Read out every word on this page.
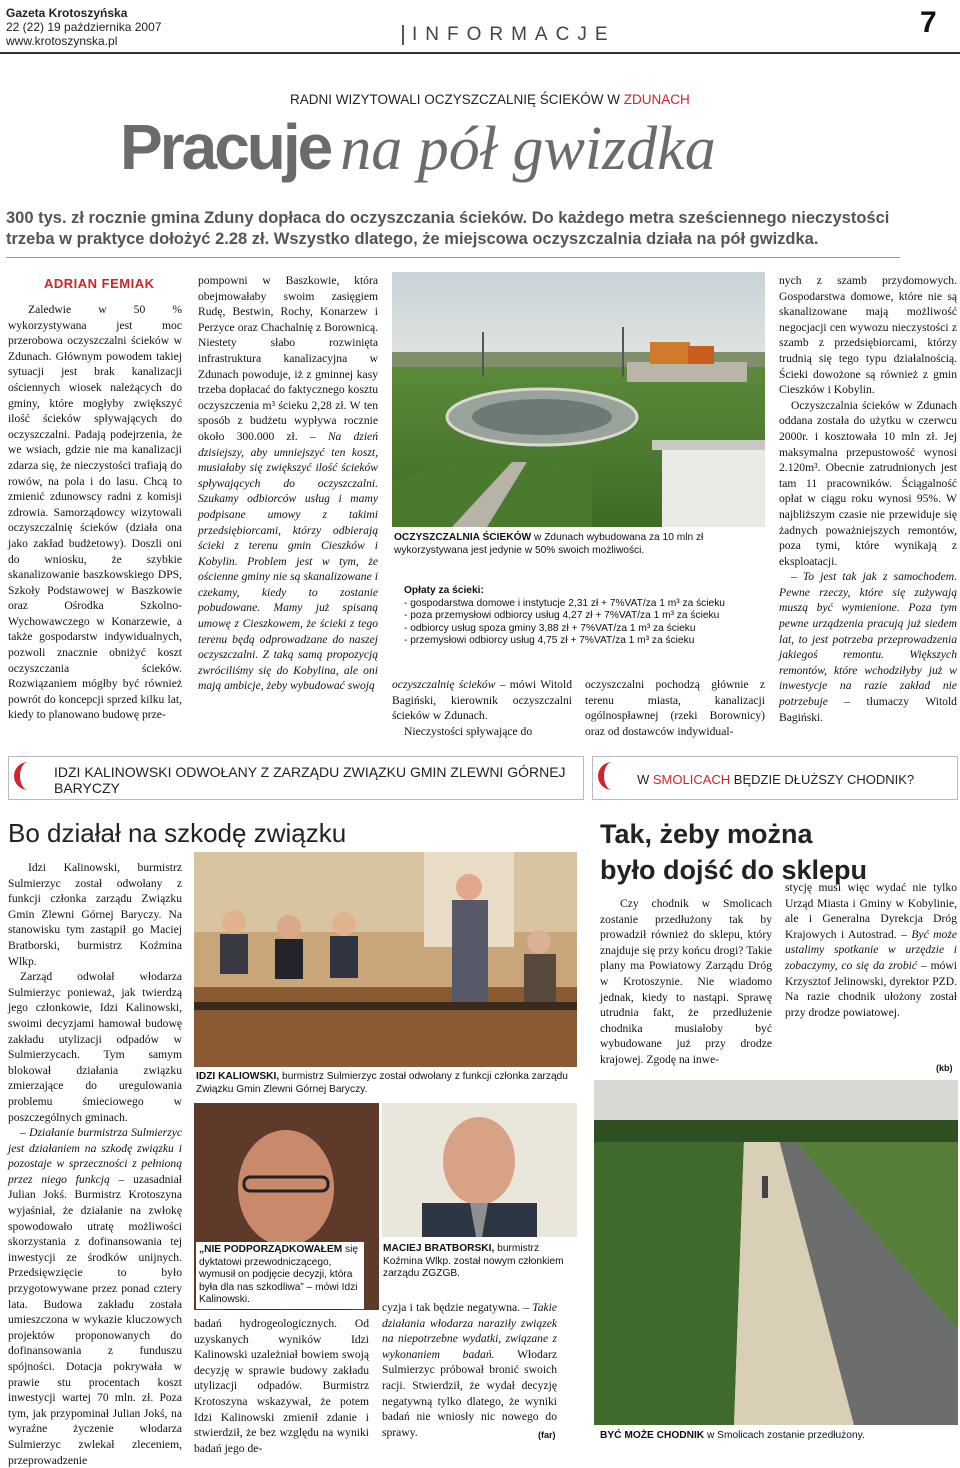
Gazeta Krotoszyńska
22 (22) 19 października 2007
www.krotoszynska.pl	INFORMACJE	7
RADNI WIZYTOWALI OCZYSZCZALNIĘ ŚCIEKÓW W ZDUNACH
Pracuje na pół gwizdka
300 tys. zł rocznie gmina Zduny dopłaca do oczyszczania ścieków. Do każdego metra sześciennego nieczystości
trzeba w praktyce dołożyć 2.28 zł. Wszystko dlatego, że miejscowa oczyszczalnia działa na pół gwizdka.
ADRIAN FEMIAK

Zaledwie w 50 % wykorzystywana jest moc przerobowa oczyszczalni ścieków w Zdunach. Głównym powodem takiej sytuacji jest brak kanalizacji ościennych wiosek należących do gminy, które mogłyby zwiększyć ilość ścieków spływających do oczyszczalni. Padają podejrzenia, że we wsiach, gdzie nie ma kanalizacji zdarza się, że nieczystości trafiają do rowów, na pola i do lasu. Chcą to zmienić zdunowscy radni z komisji zdrowia. Samorządowcy wizytowali oczyszczalnię ścieków (działa ona jako zakład budżetowy). Doszli oni do wniosku, że szybkie skanalizowanie baszkowskiego DPS, Szkoły Podstawowej w Baszkowie oraz Ośrodka Szkolno-Wychowawczego w Konarzewie, a także gospodarstw indywidualnych, pozwoli znacznie obniżyć koszt oczyszczania ścieków. Rozwiązaniem mógłby być również powrót do koncepcji sprzed kilku lat, kiedy to planowano budowę prze-

pompowni w Baszkowie, która obejmowałaby swoim zasięgiem Rudę, Bestwin, Rochy, Konarzew i Perzyce oraz Chachalnię z Borownicą. Niestety słabo rozwinięta infrastruktura kanalizacyjna w Zdunach powoduje, iż z gminnej kasy trzeba dopłacać do faktycznego kosztu oczyszczenia m³ ścieku 2,28 zł. W ten sposób z budżetu wypływa rocznie około 300.000 zł. – Na dzień dzisiejszy, aby umniejszyć ten koszt, musiałaby się zwiększyć ilość ścieków spływających do oczyszczalni. Szukamy odbiorców usług i mamy podpisane umowy z takimi przedsiębiorcami, którzy odbierają ścieki z terenu gmin Cieszków i Kobylin. Problem jest w tym, że ościenne gminy nie są skanalizowane i czekamy, kiedy to zostanie pobudowane. Mamy już spisaną umowę z Cieszkowem, że ścieki z tego terenu będą odprowadzane do naszej oczyszczalni. Z taką samą propozycją zwróciliśmy się do Kobylina, ale oni mają ambicje, żeby wybudować swoją

OCZYSZCZALNIA ŚCIEKÓW w Zdunach wybudowana za 10 mln zł wykorzystywana jest jedynie w 50% swoich możliwości.
Opłaty za ścieki:
- gospodarstwa domowe i instytucje 2,31 zł + 7%VAT/za 1 m³ za ścieku
- poza przemysłowi odbiorcy usług 4,27 zł + 7%VAT/za 1 m³ za ścieku
- odbiorcy usług spoza gminy 3,88 zł + 7%VAT/za 1 m³ za ścieku
- przemysłowi odbiorcy usług 4,75 zł + 7%VAT/za 1 m³ za ścieku

oczyszczalnię ścieków – mówi Witold Bagiński, kierownik oczyszczalni ścieków w Zdunach.

Nieczystości spływające do

oczyszczalni pochodzą głównie z terenu miasta, kanalizacji ogólnospławnej (rzeki Borownicy) oraz od dostawców indywidual-

nych z szamb przydomowych. Gospodarstwa domowe, które nie są skanalizowane mają możliwość negocjacji cen wywozu nieczystości z szamb z przedsiębiorcami, którzy trudnią się tego typu działalnością. Ścieki dowożone są również z gmin Cieszków i Kobylin.

Oczyszczalnia ścieków w Zdunach oddana została do użytku w czerwcu 2000r. i kosztowała 10 mln zł. Jej maksymalna przepustowość wynosi 2.120m³. Obecnie zatrudnionych jest tam 11 pracowników. Ściągalność opłat w ciągu roku wynosi 95%. W najbliższym czasie nie przewiduje się żadnych poważniejszych remontów, poza tymi, które wynikają z eksploatacji.

– To jest tak jak z samochodem. Pewne rzeczy, które się zużywają muszą być wymienione. Poza tym pewne urządzenia pracują już siedem lat, to jest potrzeba przeprowadzenia jakiegoś remontu. Większych remontów, które wchodziłyby już w inwestycje na razie zakład nie potrzebuje – tłumaczy Witold Bagiński.

IDZI KALINOWSKI ODWOŁANY Z ZARZĄDU ZWIĄZKU GMIN ZLEWNI GÓRNEJ BARYCZY
Bo działał na szkodę związku

Idzi Kalinowski, burmistrz Sulmierzyc został odwołany z funkcji członka zarządu Związku Gmin Zlewni Górnej Baryczy. Na stanowisku tym zastąpił go Maciej Bratborski, burmistrz Koźmina Wlkp.

Zarząd odwołał włodarza Sulmierzyc ponieważ, jak twierdzą jego członkowie, Idzi Kalinowski, swoimi decyzjami hamował budowę zakładu utylizacji odpadów w Sulmierzycach. Tym samym blokował działania związku zmierzające do uregulowania problemu śmieciowego w poszczególnych gminach.

– Działanie burmistrza Sulmierzyc jest działaniem na szkodę związku i pozostaje w sprzeczności z pełnioną przez niego funkcją – uzasadniał Julian Jokś. Burmistrz Krotoszyna wyjaśniał, że działanie na zwłokę spowodowało utratę możliwości skorzystania z dofinansowania tej inwestycji ze środków unijnych. Przedsięwzięcie to było przygotowywane przez ponad cztery lata. Budowa zakładu została umieszczona w wykazie kluczowych projektów proponowanych do dofinansowania z funduszu spójności. Dotacja pokrywała w prawie stu procentach koszt inwestycji wartej 70 mln. zł. Poza tym, jak przypominał Julian Jokś, na wyraźne życzenie włodarza Sulmierzyc zwlekał zleceniem, przeprowadzenie

IDZI KALIOWSKI, burmistrz Sulmierzyc został odwołany z funkcji członka zarządu Związku Gmin Zlewni Górnej Baryczy.
„NIE PODPORZĄDKOWAŁEM się dyktatowi przewodniczącego, wymusił on podjęcie decyzji, która była dla nas szkodliwa” – mówi Idzi Kalinowski.
MACIEJ BRATBORSKI, burmistrz Koźmina Wlkp. został nowym członkiem zarządu ZGZGB.

badań hydrogeologicznych. Od uzyskanych wyników Idzi Kalinowski uzależniał bowiem swoją decyzję w sprawie budowy zakładu utylizacji odpadów. Burmistrz Krotoszyna wskazywał, że potem Idzi Kalinowski zmienił zdanie i stwierdził, że bez względu na wyniki badań jego de-

cyzja i tak będzie negatywna. – Takie działania włodarza naraziły związek na niepotrzebne wydatki, związane z wykonaniem badań. Włodarz Sulmierzyc próbował bronić swoich racji. Stwierdził, że wydał decyzję negatywną tylko dlatego, że wyniki badań nie wniosły nic nowego do sprawy.	(far)
W SMOLICACH BĘDZIE DŁUŻSZY CHODNIK?
Tak, żeby można
było dojść do sklepu

Czy chodnik w Smolicach zostanie przedłużony tak by prowadził również do sklepu, który znajduje się przy końcu drogi? Takie plany ma Powiatowy Zarządu Dróg w Krotoszynie. Nie wiadomo jednak, kiedy to nastąpi. Sprawę utrudnia fakt, że przedłużenie chodnika musiałoby być wybudowane już przy drodze krajowej. Zgodę na inwe-

stycję musi więc wydać nie tylko Urząd Miasta i Gminy w Kobylinie, ale i Generalna Dyrekcja Dróg Krajowych i Autostrad. – Być może ustalimy spotkanie w urzędzie i zobaczymy, co się da zrobić – mówi Krzysztof Jelinowski, dyrektor PZD. Na razie chodnik ułożony został przy drodze powiatowej.

(kb)
BYĆ MOŻE CHODNIK w Smolicach zostanie przedłużony.
